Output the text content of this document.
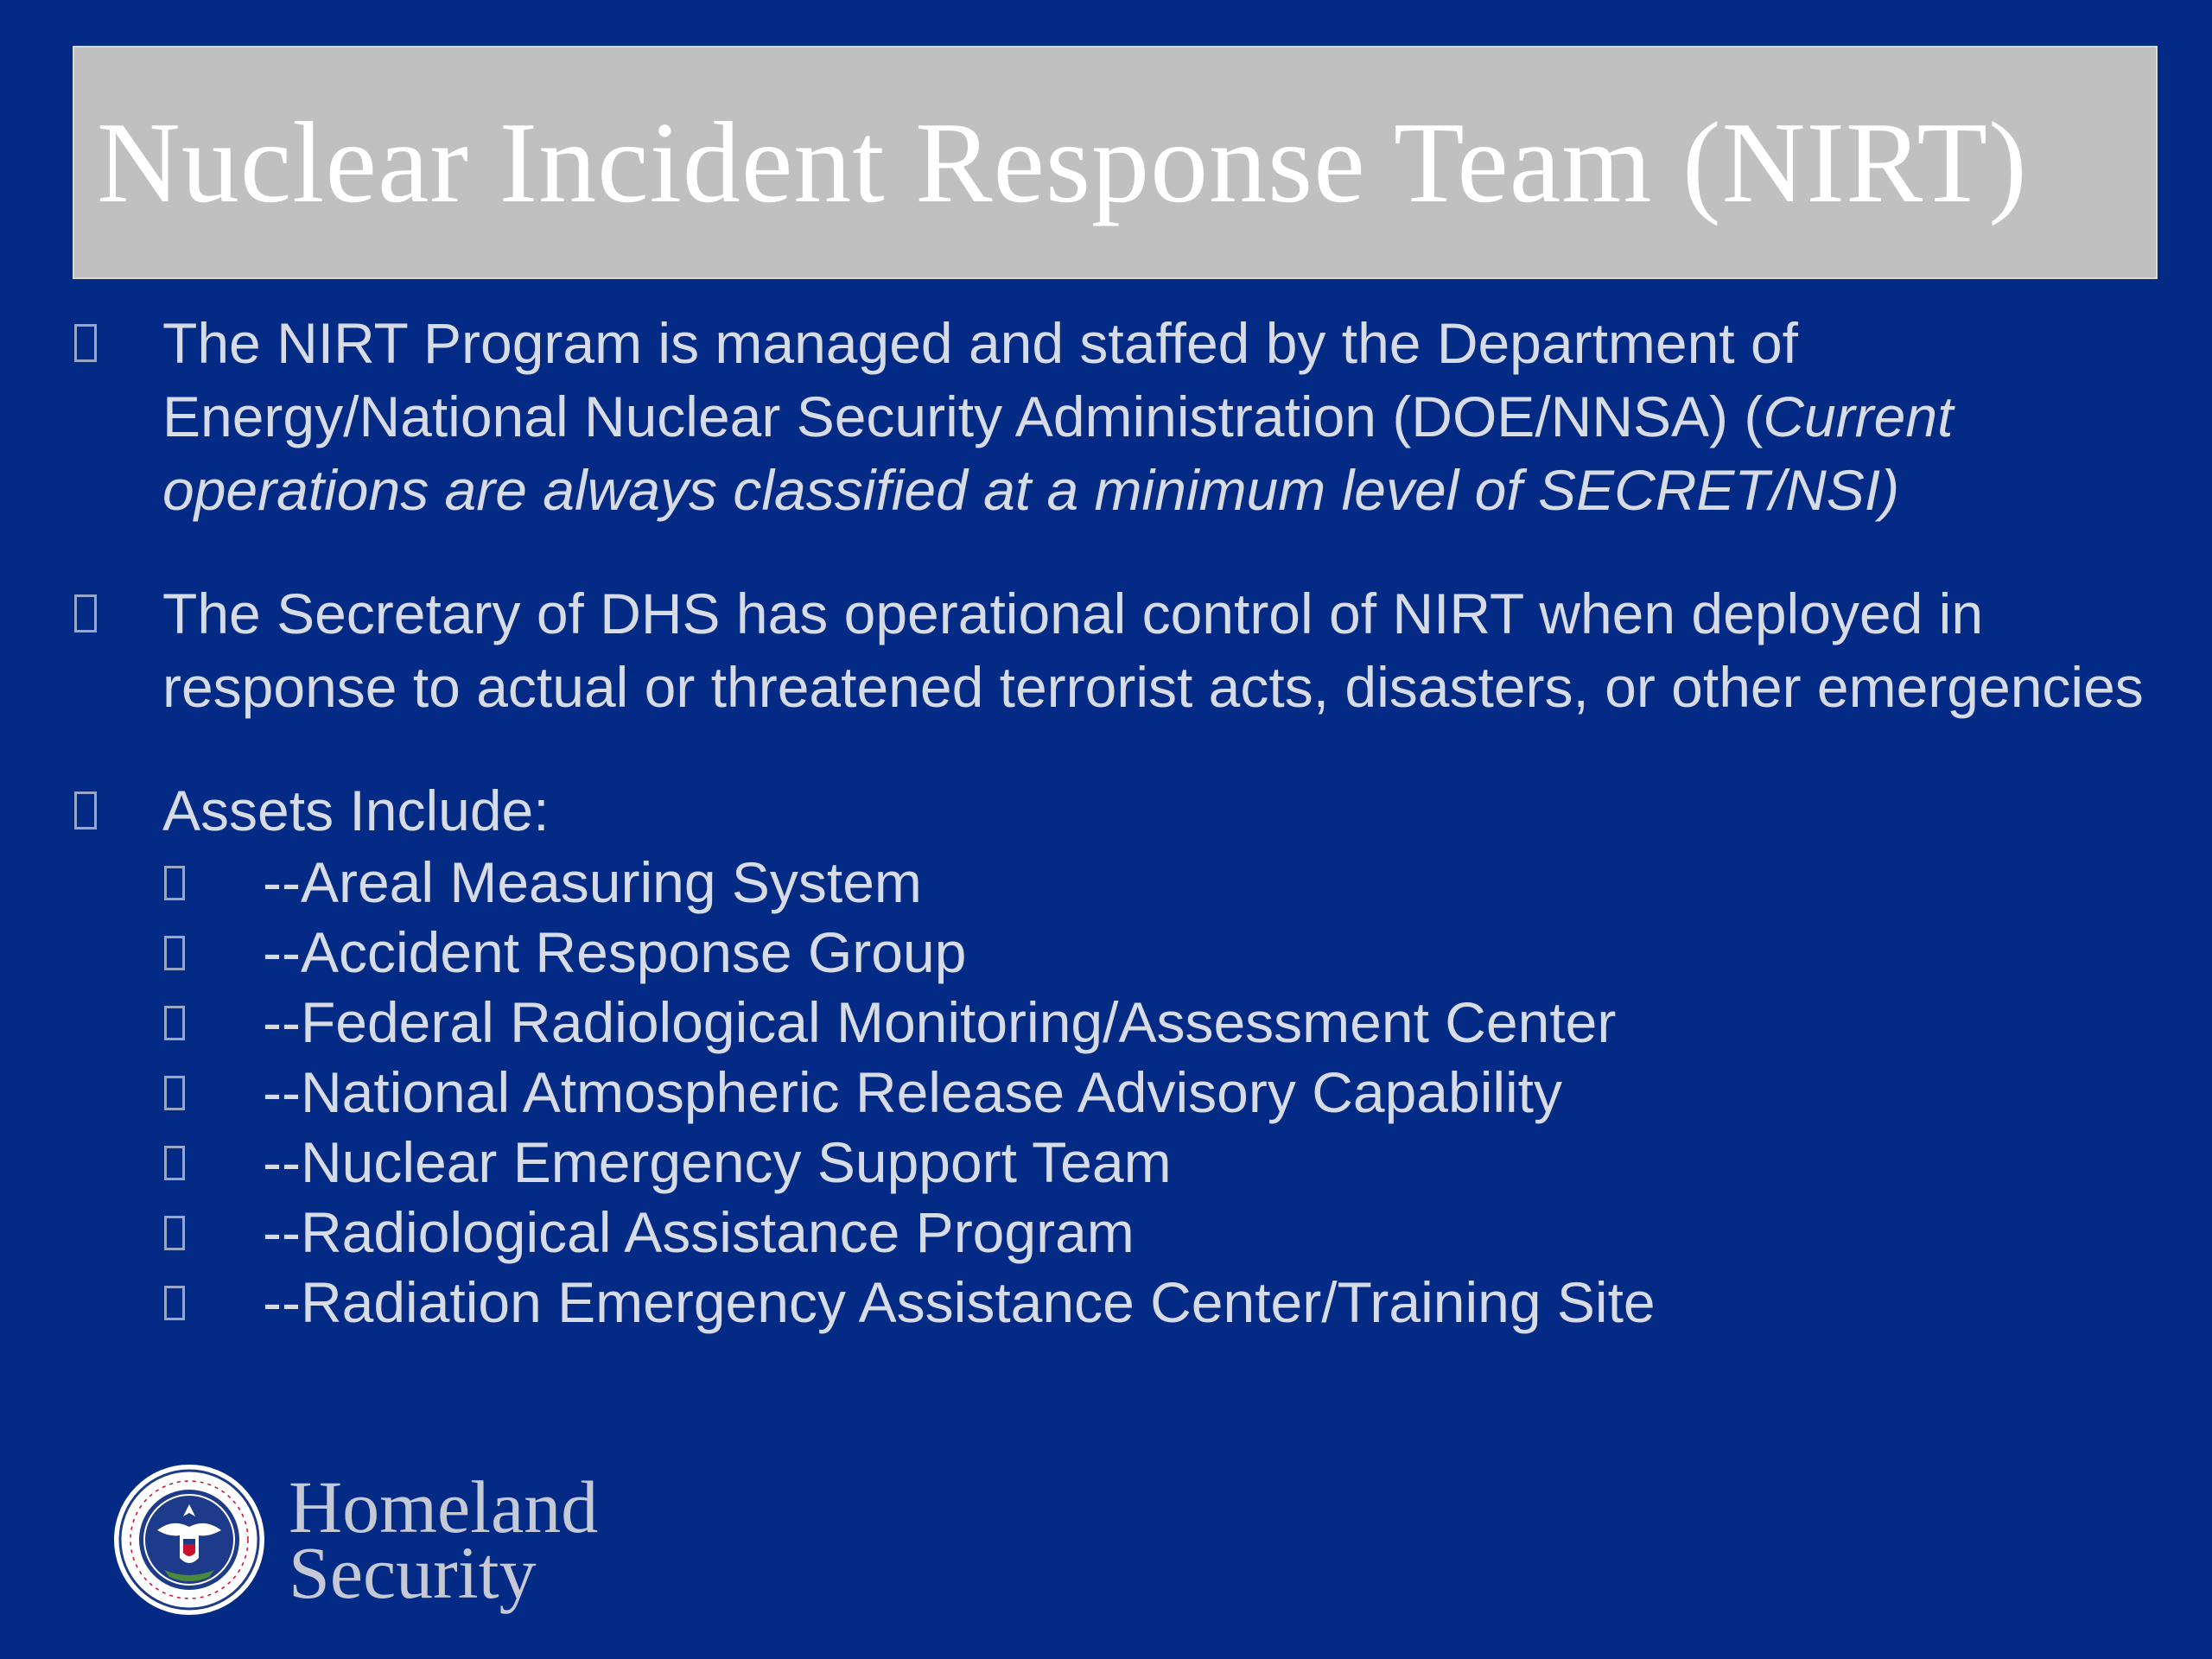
Nuclear Incident Response Team (NIRT)
The NIRT Program is managed and staffed by the Department of Energy/National Nuclear Security Administration (DOE/NNSA) (Current operations are always classified at a minimum level of SECRET/NSI)
The Secretary of DHS has operational control of NIRT when deployed in response to actual or threatened terrorist acts, disasters, or other emergencies
Assets Include:
--Areal Measuring System
--Accident Response Group
--Federal Radiological Monitoring/Assessment Center
--National Atmospheric Release Advisory Capability
--Nuclear Emergency Support Team
--Radiological Assistance Program
--Radiation Emergency Assistance Center/Training Site
Homeland
Security
